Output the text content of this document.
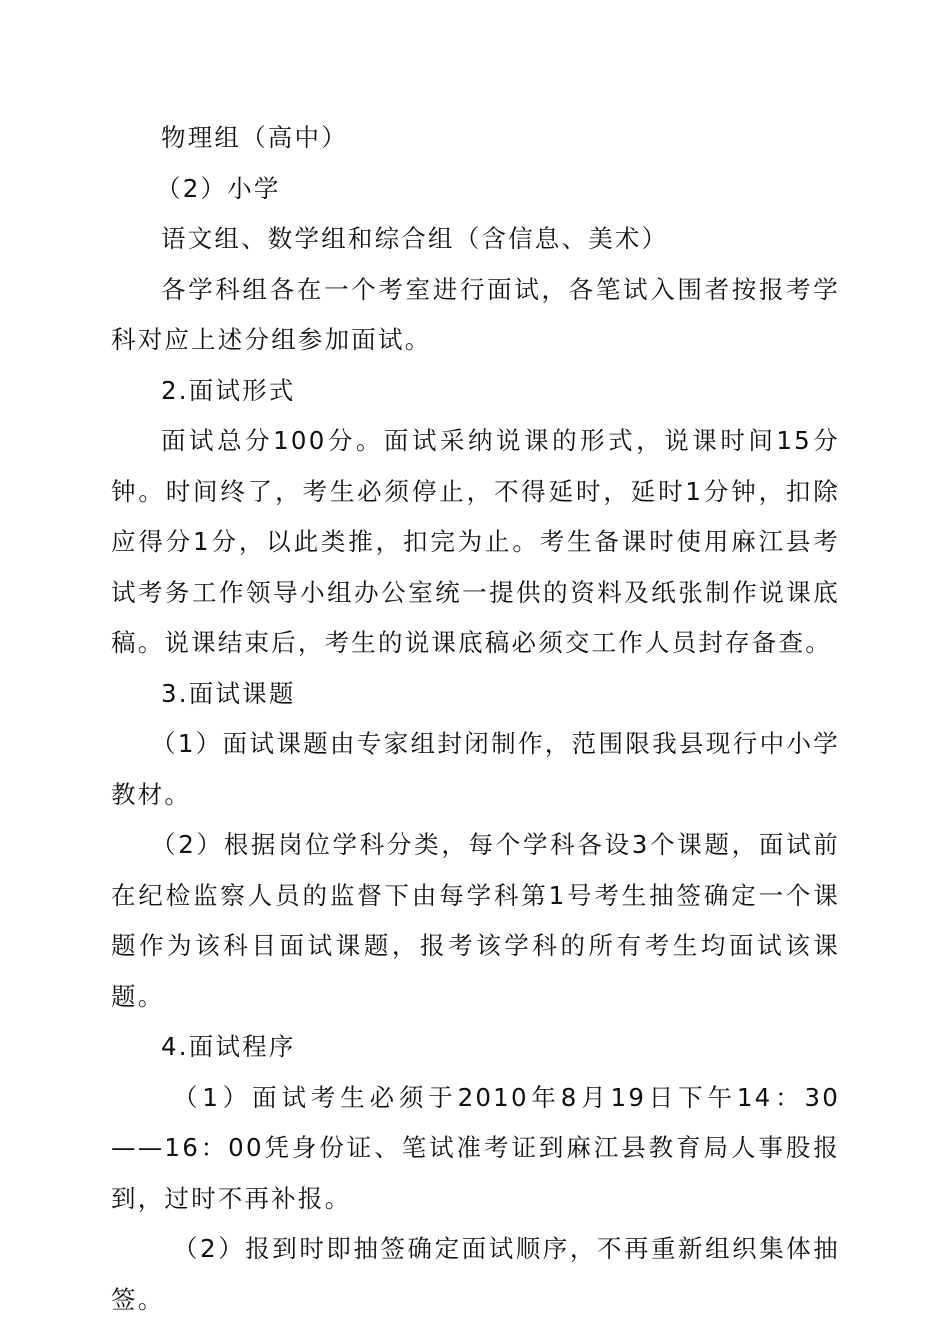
物理组（高中）

（2）小学

语文组、数学组和综合组（含信息、美术）

各学科组各在一个考室进行面试，各笔试入围者按报考学科对应上述分组参加面试。

2.面试形式

面试总分100分。面试采纳说课的形式，说课时间15分钟。时间终了，考生必须停止，不得延时，延时1分钟，扣除应得分1分，以此类推，扣完为止。考生备课时使用麻江县考试考务工作领导小组办公室统一提供的资料及纸张制作说课底稿。说课结束后，考生的说课底稿必须交工作人员封存备查。

3.面试课题

（1）面试课题由专家组封闭制作，范围限我县现行中小学教材。

（2）根据岗位学科分类，每个学科各设3个课题，面试前在纪检监察人员的监督下由每学科第1号考生抽签确定一个课题作为该科目面试课题，报考该学科的所有考生均面试该课题。

4.面试程序

（1）面试考生必须于2010年8月19日下午14：30——16：00凭身份证、笔试准考证到麻江县教育局人事股报到，过时不再补报。

（2）报到时即抽签确定面试顺序，不再重新组织集体抽签。
